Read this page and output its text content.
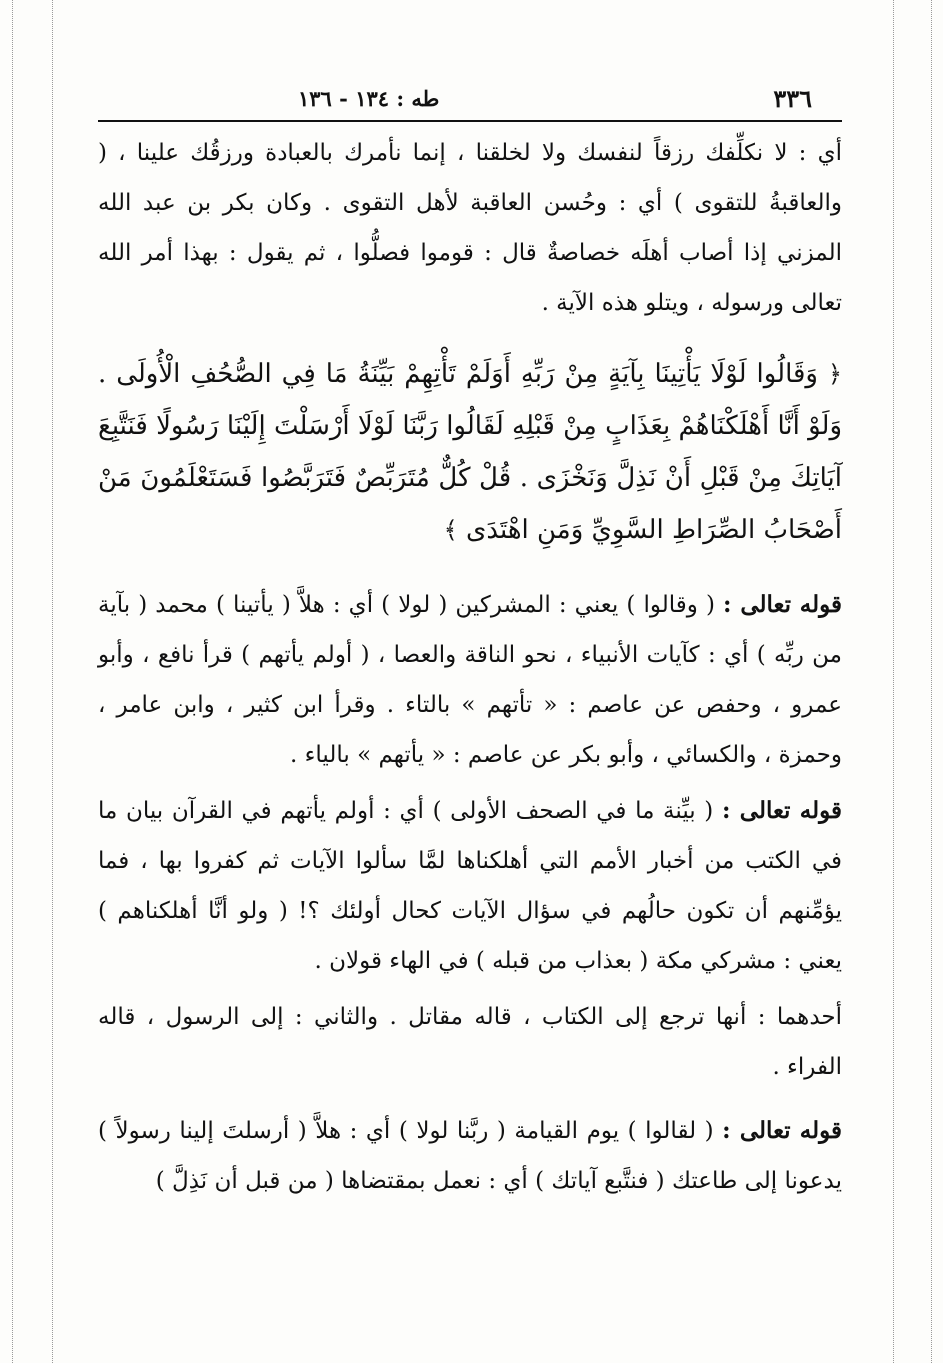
٣٣٦
طه : ١٣٤ - ١٣٦

أي : لا نكلِّفك رزقاً لنفسك ولا لخلقنا ، إنما نأمرك بالعبادة ورزقُك علينا ، ( والعاقبةُ للتقوى ) أي : وحُسن العاقبة لأهل التقوى . وكان بكر بن عبد الله المزني إذا أصاب أهلَه خصاصةٌ قال : قوموا فصلُّوا ، ثم يقول : بهذا أمر الله تعالى ورسوله ، ويتلو هذه الآية .

﴿ وَقَالُوا لَوْلَا يَأْتِينَا بِآيَةٍ مِنْ رَبِّهِ أَوَلَمْ تَأْتِهِمْ بَيِّنَةُ مَا فِي الصُّحُفِ الْأُولَى . وَلَوْ أَنَّا أَهْلَكْنَاهُمْ بِعَذَابٍ مِنْ قَبْلِهِ لَقَالُوا رَبَّنَا لَوْلَا أَرْسَلْتَ إِلَيْنَا رَسُولًا فَنَتَّبِعَ آيَاتِكَ مِنْ قَبْلِ أَنْ نَذِلَّ وَنَخْزَى . قُلْ كُلٌّ مُتَرَبِّصٌ فَتَرَبَّصُوا فَسَتَعْلَمُونَ مَنْ أَصْحَابُ الصِّرَاطِ السَّوِيِّ وَمَنِ اهْتَدَى ﴾

قوله تعالى : ( وقالوا ) يعني : المشركين ( لولا ) أي : هلاَّ ( يأتينا ) محمد ( بآية من ربِّه ) أي : كآيات الأنبياء ، نحو الناقة والعصا ، ( أولم يأتهم ) قرأ نافع ، وأبو عمرو ، وحفص عن عاصم : « تأتهم » بالتاء . وقرأ ابن كثير ، وابن عامر ، وحمزة ، والكسائي ، وأبو بكر عن عاصم : « يأتهم » بالياء .

قوله تعالى : ( بيِّنة ما في الصحف الأولى ) أي : أولم يأتهم في القرآن بيان ما في الكتب من أخبار الأمم التي أهلكناها لمَّا سألوا الآيات ثم كفروا بها ، فما يؤمِّنهم أن تكون حالُهم في سؤال الآيات كحال أولئك ؟! ( ولو أنَّا أهلكناهم ) يعني : مشركي مكة ( بعذاب من قبله ) في الهاء قولان .

أحدهما : أنها ترجع إلى الكتاب ، قاله مقاتل . والثاني : إلى الرسول ، قاله الفراء .

قوله تعالى : ( لقالوا ) يوم القيامة ( ربَّنا لولا ) أي : هلاَّ ( أرسلتَ إلينا رسولاً ) يدعونا إلى طاعتك ( فنتَّبع آياتك ) أي : نعمل بمقتضاها ( من قبل أن نَذِلَّ )
